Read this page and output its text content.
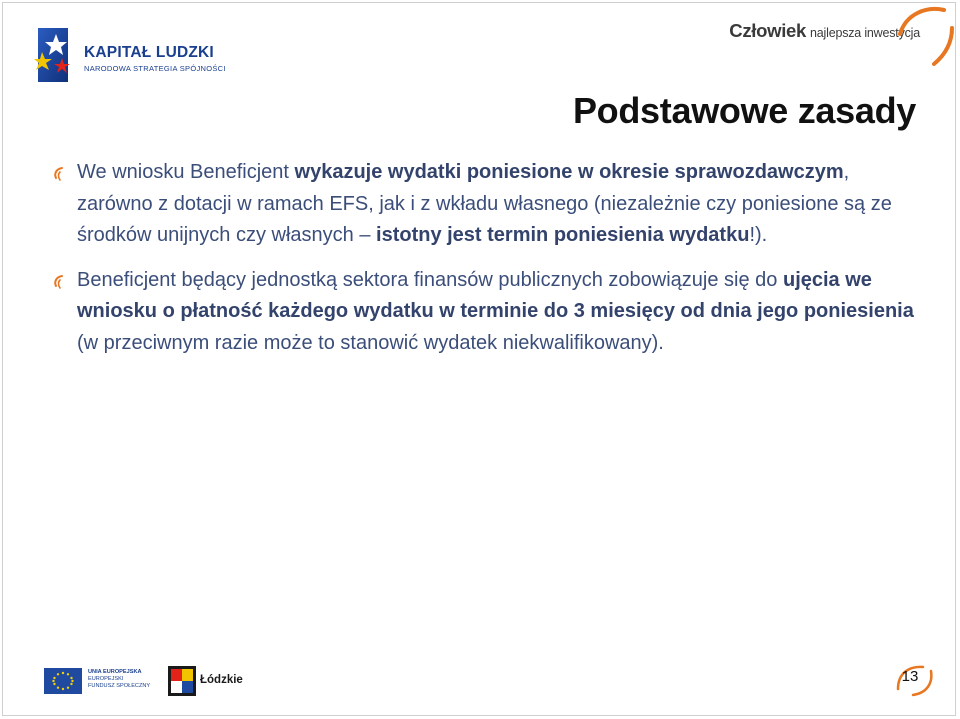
KAPITAŁ LUDZKI
NARODOWA STRATEGIA SPÓJNOŚCI
Człowiek najlepsza inwestycja
Podstawowe zasady
We wniosku Beneficjent wykazuje wydatki poniesione w okresie sprawozdawczym, zarówno z dotacji w ramach EFS, jak i z wkładu własnego (niezależnie czy poniesione są ze środków unijnych czy własnych – istotny jest termin poniesienia wydatku!).
Beneficjent będący jednostką sektora finansów publicznych zobowiązuje się do ujęcia we wniosku o płatność każdego wydatku w terminie do 3 miesięcy od dnia jego poniesienia (w przeciwnym razie może to stanowić wydatek niekwalifikowany).
UNIA EUROPEJSKA
EUROPEJSKI
FUNDUSZ SPOŁECZNY	Łódzkie	13
